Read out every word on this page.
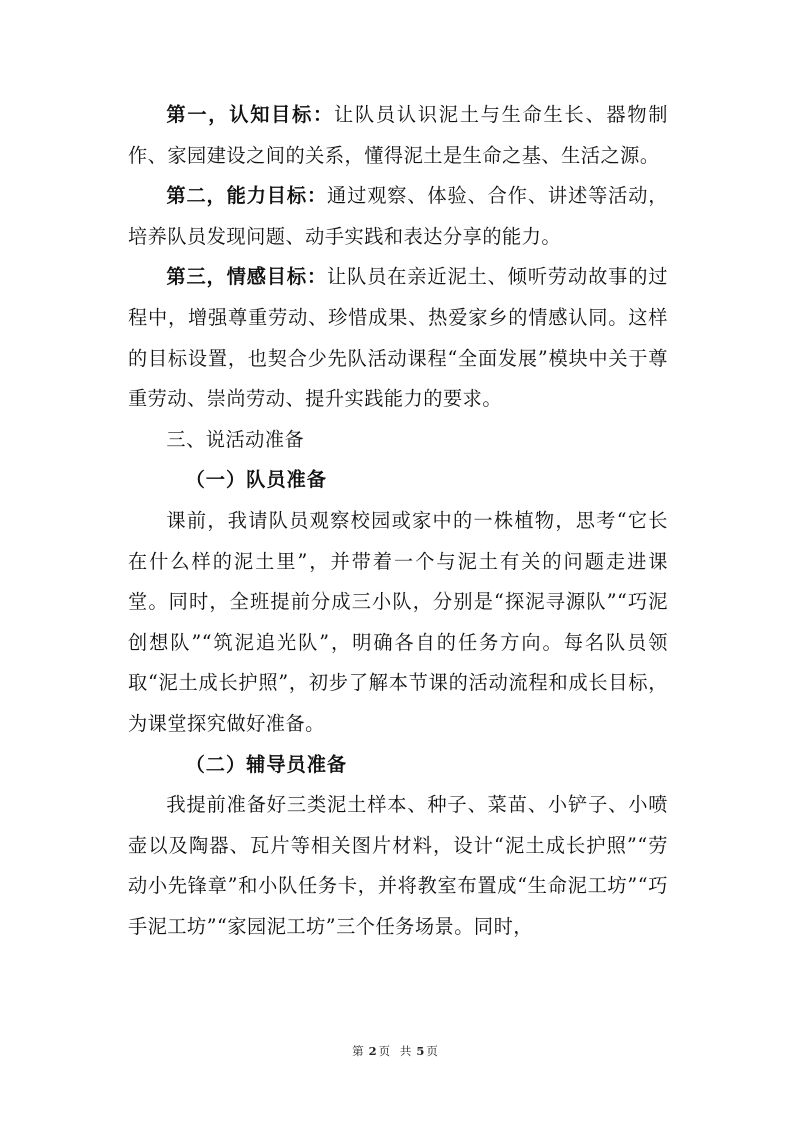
第一，认知目标：让队员认识泥土与生命生长、器物制作、家园建设之间的关系，懂得泥土是生命之基、生活之源。

第二，能力目标：通过观察、体验、合作、讲述等活动，培养队员发现问题、动手实践和表达分享的能力。

第三，情感目标：让队员在亲近泥土、倾听劳动故事的过程中，增强尊重劳动、珍惜成果、热爱家乡的情感认同。这样的目标设置，也契合少先队活动课程“全面发展”模块中关于尊重劳动、崇尚劳动、提升实践能力的要求。

三、说活动准备

（一）队员准备

课前，我请队员观察校园或家中的一株植物，思考“它长在什么样的泥土里”，并带着一个与泥土有关的问题走进课堂。同时，全班提前分成三小队，分别是“探泥寻源队”“巧泥创想队”“筑泥追光队”，明确各自的任务方向。每名队员领取“泥土成长护照”，初步了解本节课的活动流程和成长目标，为课堂探究做好准备。

（二）辅导员准备

我提前准备好三类泥土样本、种子、菜苗、小铲子、小喷壶以及陶器、瓦片等相关图片材料，设计“泥土成长护照”“劳动小先锋章”和小队任务卡，并将教室布置成“生命泥工坊”“巧手泥工坊”“家园泥工坊”三个任务场景。同时，

第 2 页 共 5 页
